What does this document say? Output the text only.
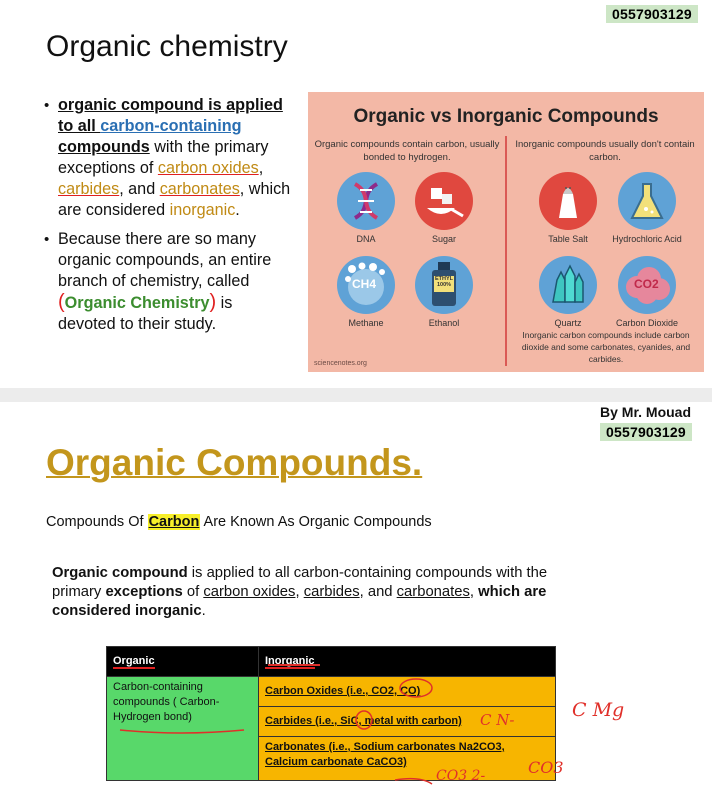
0557903129
Organic chemistry
• organic compound is applied to all carbon-containing compounds with the primary exceptions of carbon oxides, carbides, and carbonates, which are considered inorganic.
• Because there are so many organic compounds, an entire branch of chemistry, called (Organic Chemistry) is devoted to their study.
Organic vs Inorganic Compounds
Organic compounds contain carbon, usually bonded to hydrogen.
Inorganic compounds usually don't contain carbon.
DNA	Sugar	Table Salt	Hydrochloric Acid
CH4
Methane
ETHYL 100%
Ethanol	Quartz
CO2
Carbon Dioxide
Inorganic carbon compounds include carbon dioxide and some carbonates, cyanides, and carbides.
sciencenotes.org
By Mr. Mouad
0557903129
Organic Compounds.
Compounds Of Carbon Are Known As Organic Compounds
Organic compound is applied to all carbon-containing compounds with the primary exceptions of carbon oxides, carbides, and carbonates, which are considered inorganic.
Organic	Inorganic
Carbon-containing compounds ( Carbon-Hydrogen bond)	Carbon Oxides (i.e., CO2, CO)
	Carbides (i.e., SiC, metal with carbon)
	Carbonates (i.e., Sodium carbonates Na2CO3, Calcium carbonate CaCO3)
C N-	C Mg
CO3 2-	CO3
